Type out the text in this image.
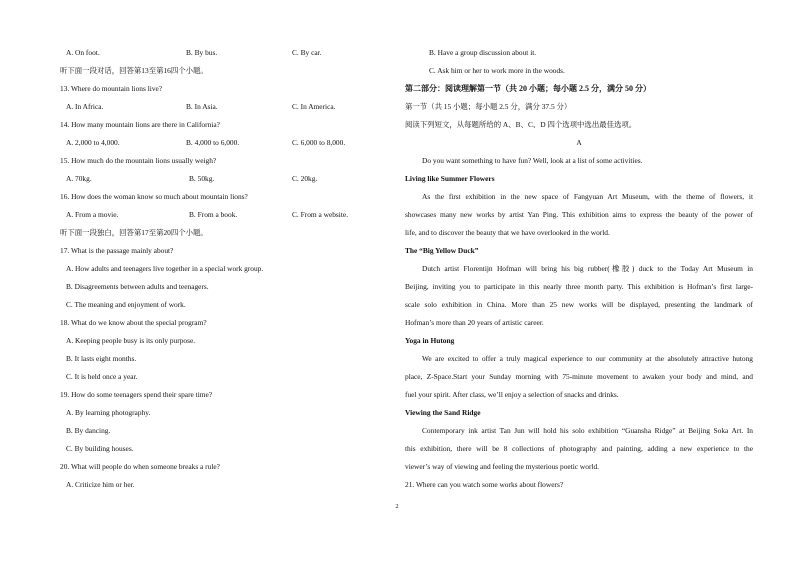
A. On foot.	B. By bus.	C. By car.
听下面一段对话，回答第13至第16四个小题。
13. Where do mountain lions live?
A. In Africa.	B. In Asia.	C. In America.
14. How many mountain lions are there in California?
A. 2,000 to 4,000.	B. 4,000 to 6,000.	C. 6,000 to 8,000.
15. How much do the mountain lions usually weigh?
A. 70kg.	B. 50kg.	C. 20kg.
16. How does the woman know so much about mountain lions?
A. From a movie.	B. From a book.	C. From a website.
听下面一段独白，回答第17至第20四个小题。
17. What is the passage mainly about?
A. How adults and teenagers live together in a special work group.
B. Disagreements between adults and teenagers.
C. The meaning and enjoyment of work.
18. What do we know about the special program?
A. Keeping people busy is its only purpose.
B. It lasts eight months.
C. It is held once a year.
19. How do some teenagers spend their spare time?
A. By learning photography.
B. By dancing.
C. By building houses.
20. What will people do when someone breaks a rule?
A. Criticize him or her.
B. Have a group discussion about it.
C. Ask him or her to work more in the woods.
第二部分：阅读理解第一节（共 20 小题；每小题 2.5 分，满分 50 分）
第一节（共 15 小题；每小题 2.5 分，满分 37.5 分）
阅读下列短文，从每题所给的 A、B、C、D 四个选项中选出最佳选项。
A
Do you want something to have fun? Well, look at a list of some activities.
Living like Summer Flowers
As the first exhibition in the new space of Fangyuan Art Museum, with the theme of flowers, it
showcases many new works by artist Yan Ping. This exhibition aims to express the beauty of the power of
life, and to discover the beauty that we have overlooked in the world.
The “Big Yellow Duck”
Dutch artist Florentijn Hofman will bring his big rubber(橡胶) duck to the Today Art Museum in
Beijing, inviting you to participate in this nearly three month party. This exhibition is Hofman’s first large-
scale solo exhibition in China. More than 25 new works will be displayed, presenting the landmark of
Hofman’s more than 20 years of artistic career.
Yoga in Hutong
We are excited to offer a truly magical experience to our community at the absolutely attractive hutong
place, Z-Space.Start your Sunday morning with 75-minute movement to awaken your body and mind, and
fuel your spirit. After class, we’ll enjoy a selection of snacks and drinks.
Viewing the Sand Ridge
Contemporary ink artist Tan Jun will hold his solo exhibition “Guansha Ridge” at Beijing Soka Art. In
this exhibition, there will be 8 collections of photography and painting, adding a new experience to the
viewer’s way of viewing and feeling the mysterious poetic world.
21. Where can you watch some works about flowers?
2
